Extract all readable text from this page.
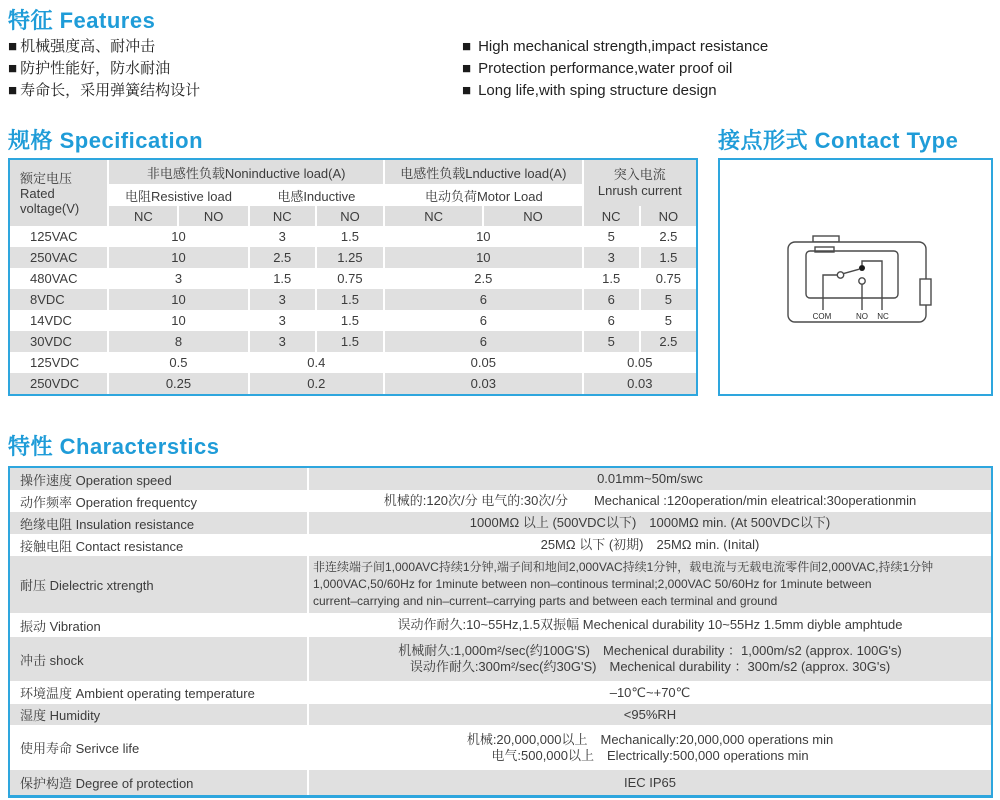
特征 Features
■ 机械强度高、耐冲击
■ 防护性能好，防水耐油
■ 寿命长，采用弹簧结构设计
■ High mechanical strength,impact resistance
■ Protection performance,water proof oil
■ Long life,with sping structure design
规格 Specification
额定电压
Rated
voltage(V)
	非电感性负载Noninductive load(A)	电感性负载Lnductive load(A)	突入电流
Lnrush current

	电阻Resistive load		电感Inductive		电动负荷Motor Load			
	NC	NO	NC	NO	NC	NO	NC	NO
125VAC	10		3	1.5	10		5	2.5
250VAC	10		2.5	1.25	10		3	1.5
480VAC	3		1.5	0.75	2.5		1.5	0.75
8VDC	10		3	1.5	6		6	5
14VDC	10		3	1.5	6		6	5
30VDC	8		3	1.5	6		5	2.5
125VDC	0.5		0.4		0.05		0.05	
250VDC	0.25		0.2		0.03		0.03	
接点形式 Contact Type
COM	NO NC
特性 Characterstics
操作速度 Operation speed	0.01mm~50m/swc

动作频率 Operation frequentcy	机械的:120次/分 电气的:30次/分　　Mechanical :120operation/min eleatrical:30operationmin

绝缘电阻 Insulation resistance	1000MΩ 以上 (500VDC以下)　1000MΩ min. (At 500VDC以下)

接触电阻 Contact resistance	25MΩ 以下 (初期)　25MΩ min. (Inital)

耐压 Dielectric xtrength	非连续端子间1,000AVC持续1分钟,端子间和地间2,000VAC持续1分钟，载电流与无载电流零件间2,000VAC,持续1分钟
1,000VAC,50/60Hz for 1minute between non–continous terminal;2,000VAC 50/60Hz for 1minute between
current–carrying and nin–current–carrying parts and between each terminal and ground

振动 Vibration	误动作耐久:10~55Hz,1.5双振幅 Mechenical durability 10~55Hz 1.5mm diyble amphtude

冲击 shock	机械耐久:1,000m²/sec(约100G'S)　Mechenical durability ：1,000m/s2 (approx. 100G's)
误动作耐久:300m²/sec(约30G'S)　Mechenical durability ：300m/s2 (approx. 30G's)

环境温度 Ambient operating temperature	–10℃~+70℃

湿度 Humidity	<95%RH

使用寿命 Serivce life	机械:20,000,000以上　Mechanically:20,000,000 operations min
电气:500,000以上　Electrically:500,000 operations min

保护构造 Degree of protection	IEC IP65
